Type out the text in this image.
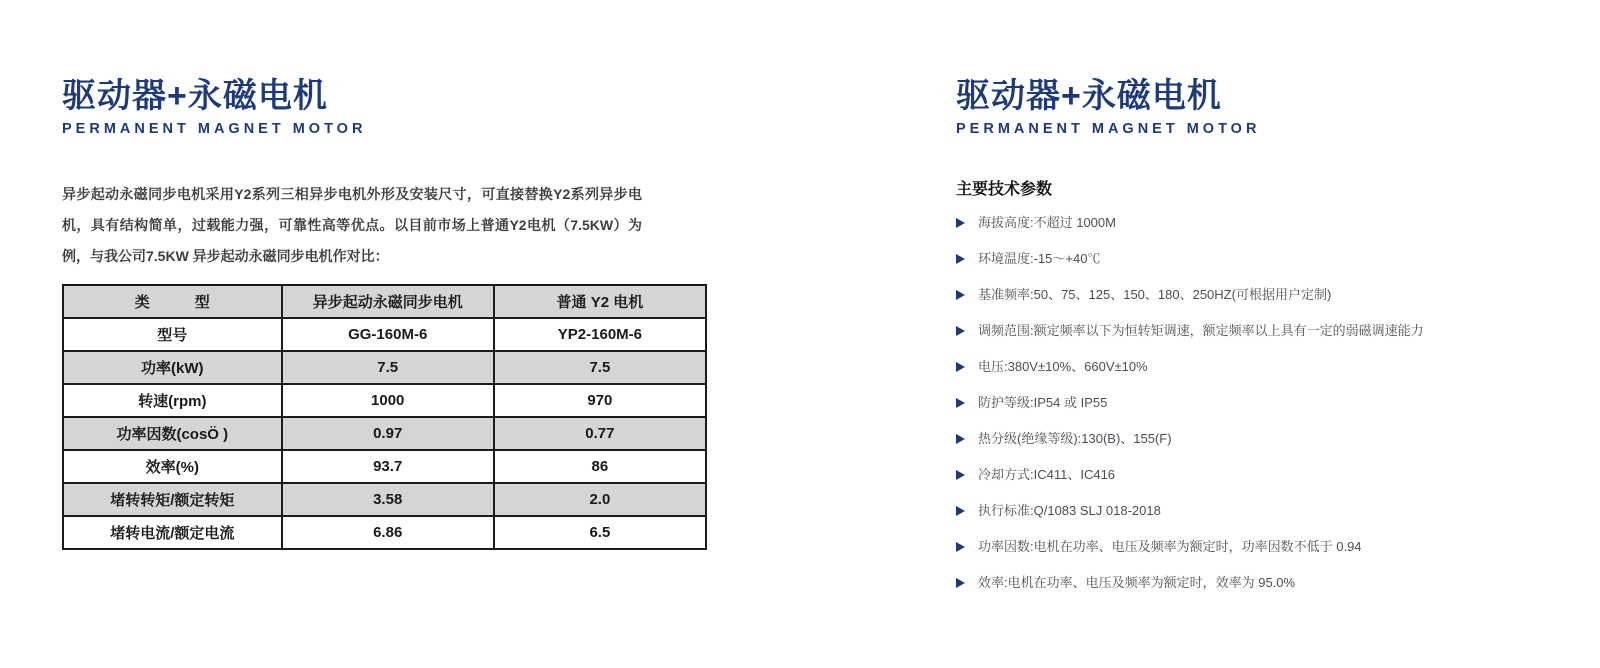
驱动器+永磁电机
PERMANENT MAGNET MOTOR

异步起动永磁同步电机采用Y2系列三相异步电机外形及安装尺寸，可直接替换Y2系列异步电机，具有结构简单，过载能力强，可靠性高等优点。以目前市场上普通Y2电机（7.5KW）为例，与我公司7.5KW 异步起动永磁同步电机作对比：

类　　　型	异步起动永磁同步电机	普通 Y2 电机
型号	GG-160M-6	YP2-160M-6
功率(kW)	7.5	7.5
转速(rpm)	1000	970
功率因数(cosÖ )	0.97	0.77
效率(%)	93.7	86
堵转转矩/额定转矩	3.58	2.0
堵转电流/额定电流	6.86	6.5
驱动器+永磁电机
PERMANENT MAGNET MOTOR
主要技术参数
海拔高度:不超过 1000M
环境温度:-15～+40℃
基准频率:50、75、125、150、180、250HZ(可根据用户定制)
调频范围:额定频率以下为恒转矩调速，额定频率以上具有一定的弱磁调速能力
电压:380V±10%、660V±10%
防护等级:IP54 或 IP55
热分级(绝缘等级):130(B)、155(F)
冷却方式:IC411、IC416
执行标准:Q/1083 SLJ 018-2018
功率因数:电机在功率、电压及频率为额定时，功率因数不低于 0.94
效率:电机在功率、电压及频率为额定时，效率为 95.0%
